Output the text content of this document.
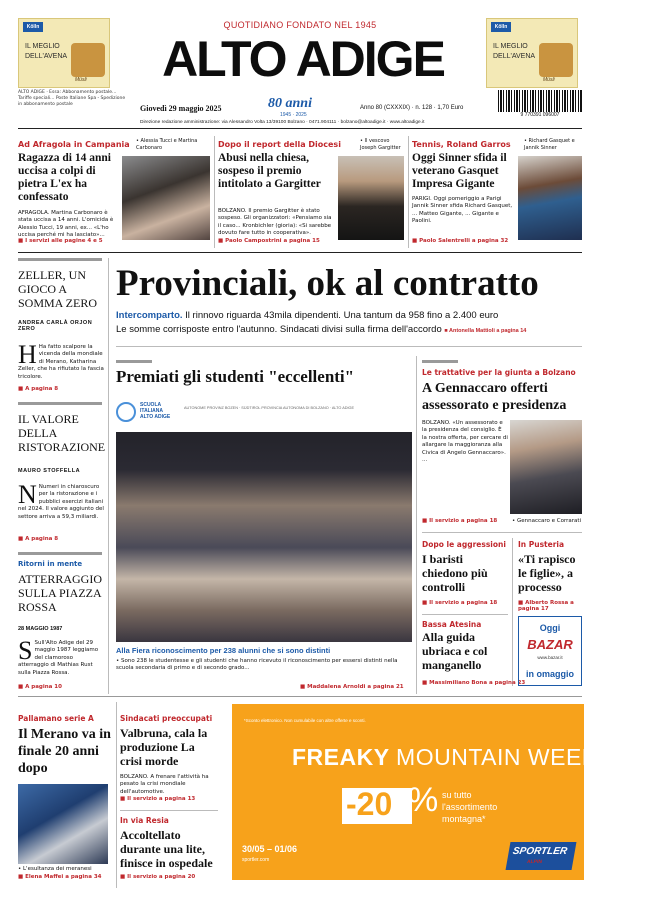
Kölln
IL MEGLIO
DELL'AVENA
Müsli
Kölln
IL MEGLIO
DELL'AVENA
Müsli
QUOTIDIANO FONDATO NEL 1945
ALTO ADIGE
ALTO ADIGE · Essa: Abbonamento postale... Tariffe speciali... Poste Italiane Spa - Spedizione in abbonamento postale	Giovedì 29 maggio 2025	80 anni
1945 · 2025
Anno 80 (CXXXIX) · n. 128 · 1,70 Euro
9 770391 096007
Direzione redazione amministrazione: via Alessandro Volta 13/39100 Bolzano · 0471.904111 · bolzano@altoadige.it · www.altoadige.it
Ad Afragola in Campania • Alessia Tucci e Martina Carbonaro
Ragazza di 14 anni uccisa a colpi di pietra L'ex ha confessato
AFRAGOLA. Martina Carbonaro è stata uccisa a 14 anni. L'omicida è Alessio Tucci, 19 anni, ex... «L'ho uccisa perché mi ha lasciato»...
■ I servizi alle pagine 4 e 5
Dopo il report della Diocesi
Abusi nella chiesa, sospeso il premio intitolato a Gargitter
• Il vescovo Joseph Gargitter
BOLZANO. Il premio Gargitter è stato sospeso. Gli organizzatori: «Pensiamo sia il caso... Kronbichler (gioria): «Si sarebbe dovuto fare tutto in cooperativa».
■ Paolo Campostrini a pagina 15
Tennis, Roland Garros	• Richard Gasquet e Jannik Sinner
Oggi Sinner sfida il veterano Gasquet Impresa Gigante
PARIGI. Oggi pomeriggio a Parigi Jannik Sinner sfida Richard Gasquet, ... Matteo Gigante, ... Gigante e Paolini.
■ Paolo Salentrelli a pagina 32
ZELLER, UN GIOCO A SOMMA ZERO
ANDREA CARLÀ ORJON ZERO
H Ha fatto scalpore la vicenda della mondiale di Merano, Katharina Zeller, che ha rifiutato la fascia tricolore.
■ A pagina 8
IL VALORE DELLA RISTORAZIONE
MAURO STOFFELLA
N Numeri in chiaroscuro per la ristorazione e i pubblici esercizi italiani nel 2024. Il valore aggiunto del settore arriva a 59,3 miliardi.
■ A pagina 8
Ritorni in mente
ATTERRAGGIO SULLA PIAZZA ROSSA
28 MAGGIO 1987
S Sull'Alto Adige del 29 maggio 1987 leggiamo del clamoroso atterraggio di Mathias Rust sulla Piazza Rossa.
■ A pagina 10
Provinciali, ok al contratto
Intercomparto. Il rinnovo riguarda 43mila dipendenti. Una tantum da 958 fino a 2.400 euro
Le somme corrisposte entro l'autunno. Sindacati divisi sulla firma dell'accordo ■ Antonella Mattioli a pagina 14
Premiati gli studenti "eccellenti"
SCUOLA ITALIANA ALTO ADIGE
AUTONOME PROVINZ BOZEN · SÜDTIROL PROVINCIA AUTONOMA DI BOLZANO · ALTO ADIGE
Alla Fiera riconoscimento per 238 alunni che si sono distinti
• Sono 238 le studentesse e gli studenti che hanno ricevuto il riconoscimento per essersi distinti nella scuola secondaria di primo e di secondo grado...
■ Maddalena Arnoldi a pagina 21
Le trattative per la giunta a Bolzano
A Gennaccaro offerti assessorato e presidenza
BOLZANO. «Un assessorato e la presidenza del consiglio. È la nostra offerta, per cercare di allargare la maggioranza alla Civica di Angelo Gennaccaro». ...
• Gennaccaro e Corrarati
■ Il servizio a pagina 18
Dopo le aggressioni
I baristi chiedono più controlli
■ Il servizio a pagina 18
In Pusteria
«Ti rapisco le figlie», a processo
■ Alberto Rossa a pagina 17
Bassa Atesina
Alla guida ubriaca e col manganello
■ Massimiliano Bona a pagina 23
Oggi
BAZAR
www.bazar.it
in omaggio
Pallamano serie A
Il Merano va in finale 20 anni dopo
• L'esultanza dei meranesi
■ Elena Maffei a pagina 34
Sindacati preoccupati
Valbruna, cala la produzione La crisi morde
BOLZANO. A frenare l'attività ha pesato la crisi mondiale dell'automotive.
■ Il servizio a pagina 13
In via Resia
Accoltellato durante una lite, finisce in ospedale
■ Il servizio a pagina 20
*Sconto elettronico. Non cumulabile con altre offerte e sconti.
FREAKY MOUNTAIN WEEKEND
-20 % su tutto
l'assortimento
montagna*
30/05 – 01/06
sportler.com
SPORTLER
ALPIN
